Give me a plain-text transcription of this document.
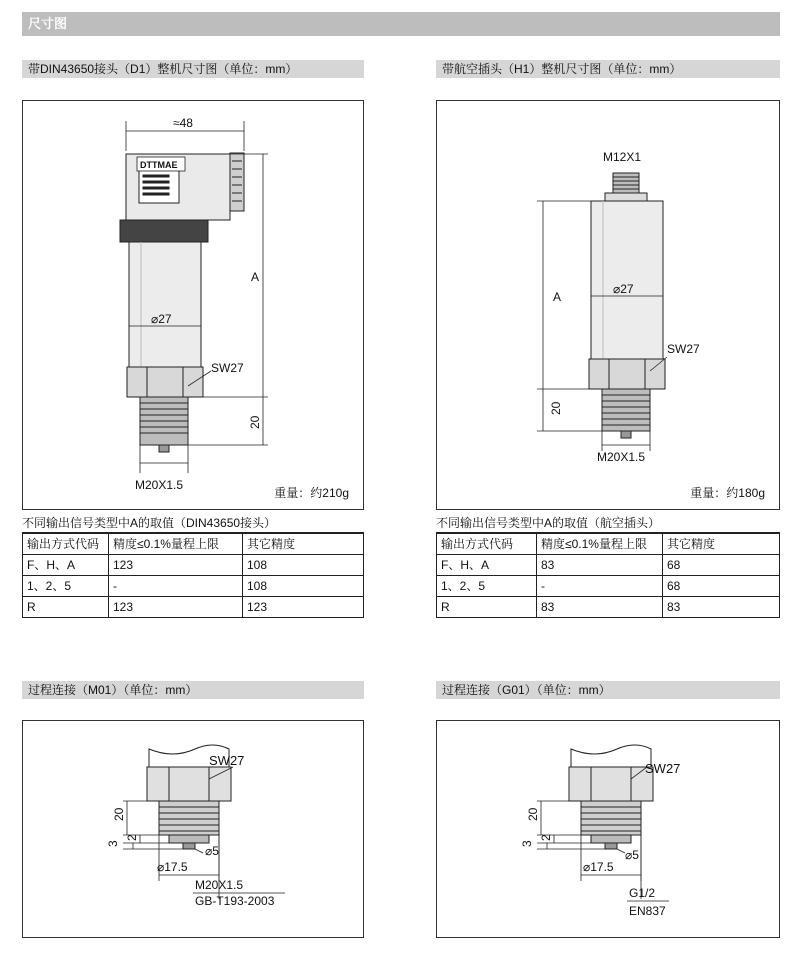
尺寸图
带DIN43650接头（D1）整机尺寸图（单位：mm）	带航空插头（H1）整机尺寸图（单位：mm）
DTTMAE
≈48
A
⌀27
SW27
20
M20X1.5
重量：约210g
M12X1
A
⌀27
SW27
20
M20X1.5
重量：约180g
不同输出信号类型中A的取值（DIN43650接头）	不同输出信号类型中A的取值（航空插头）
输出方式代码	精度≤0.1%量程上限	其它精度
F、H、A	123	108
1、2、5	-	108
R	123	123
输出方式代码	精度≤0.1%量程上限	其它精度
F、H、A	83	68
1、2、5	-	68
R	83	83
过程连接（M01）（单位：mm）	过程连接（G01）（单位：mm）
SW27
20
2
3
⌀5
⌀17.5
M20X1.5
GB-T193-2003
SW27
20
2
3
⌀5
⌀17.5
G1/2
EN837
